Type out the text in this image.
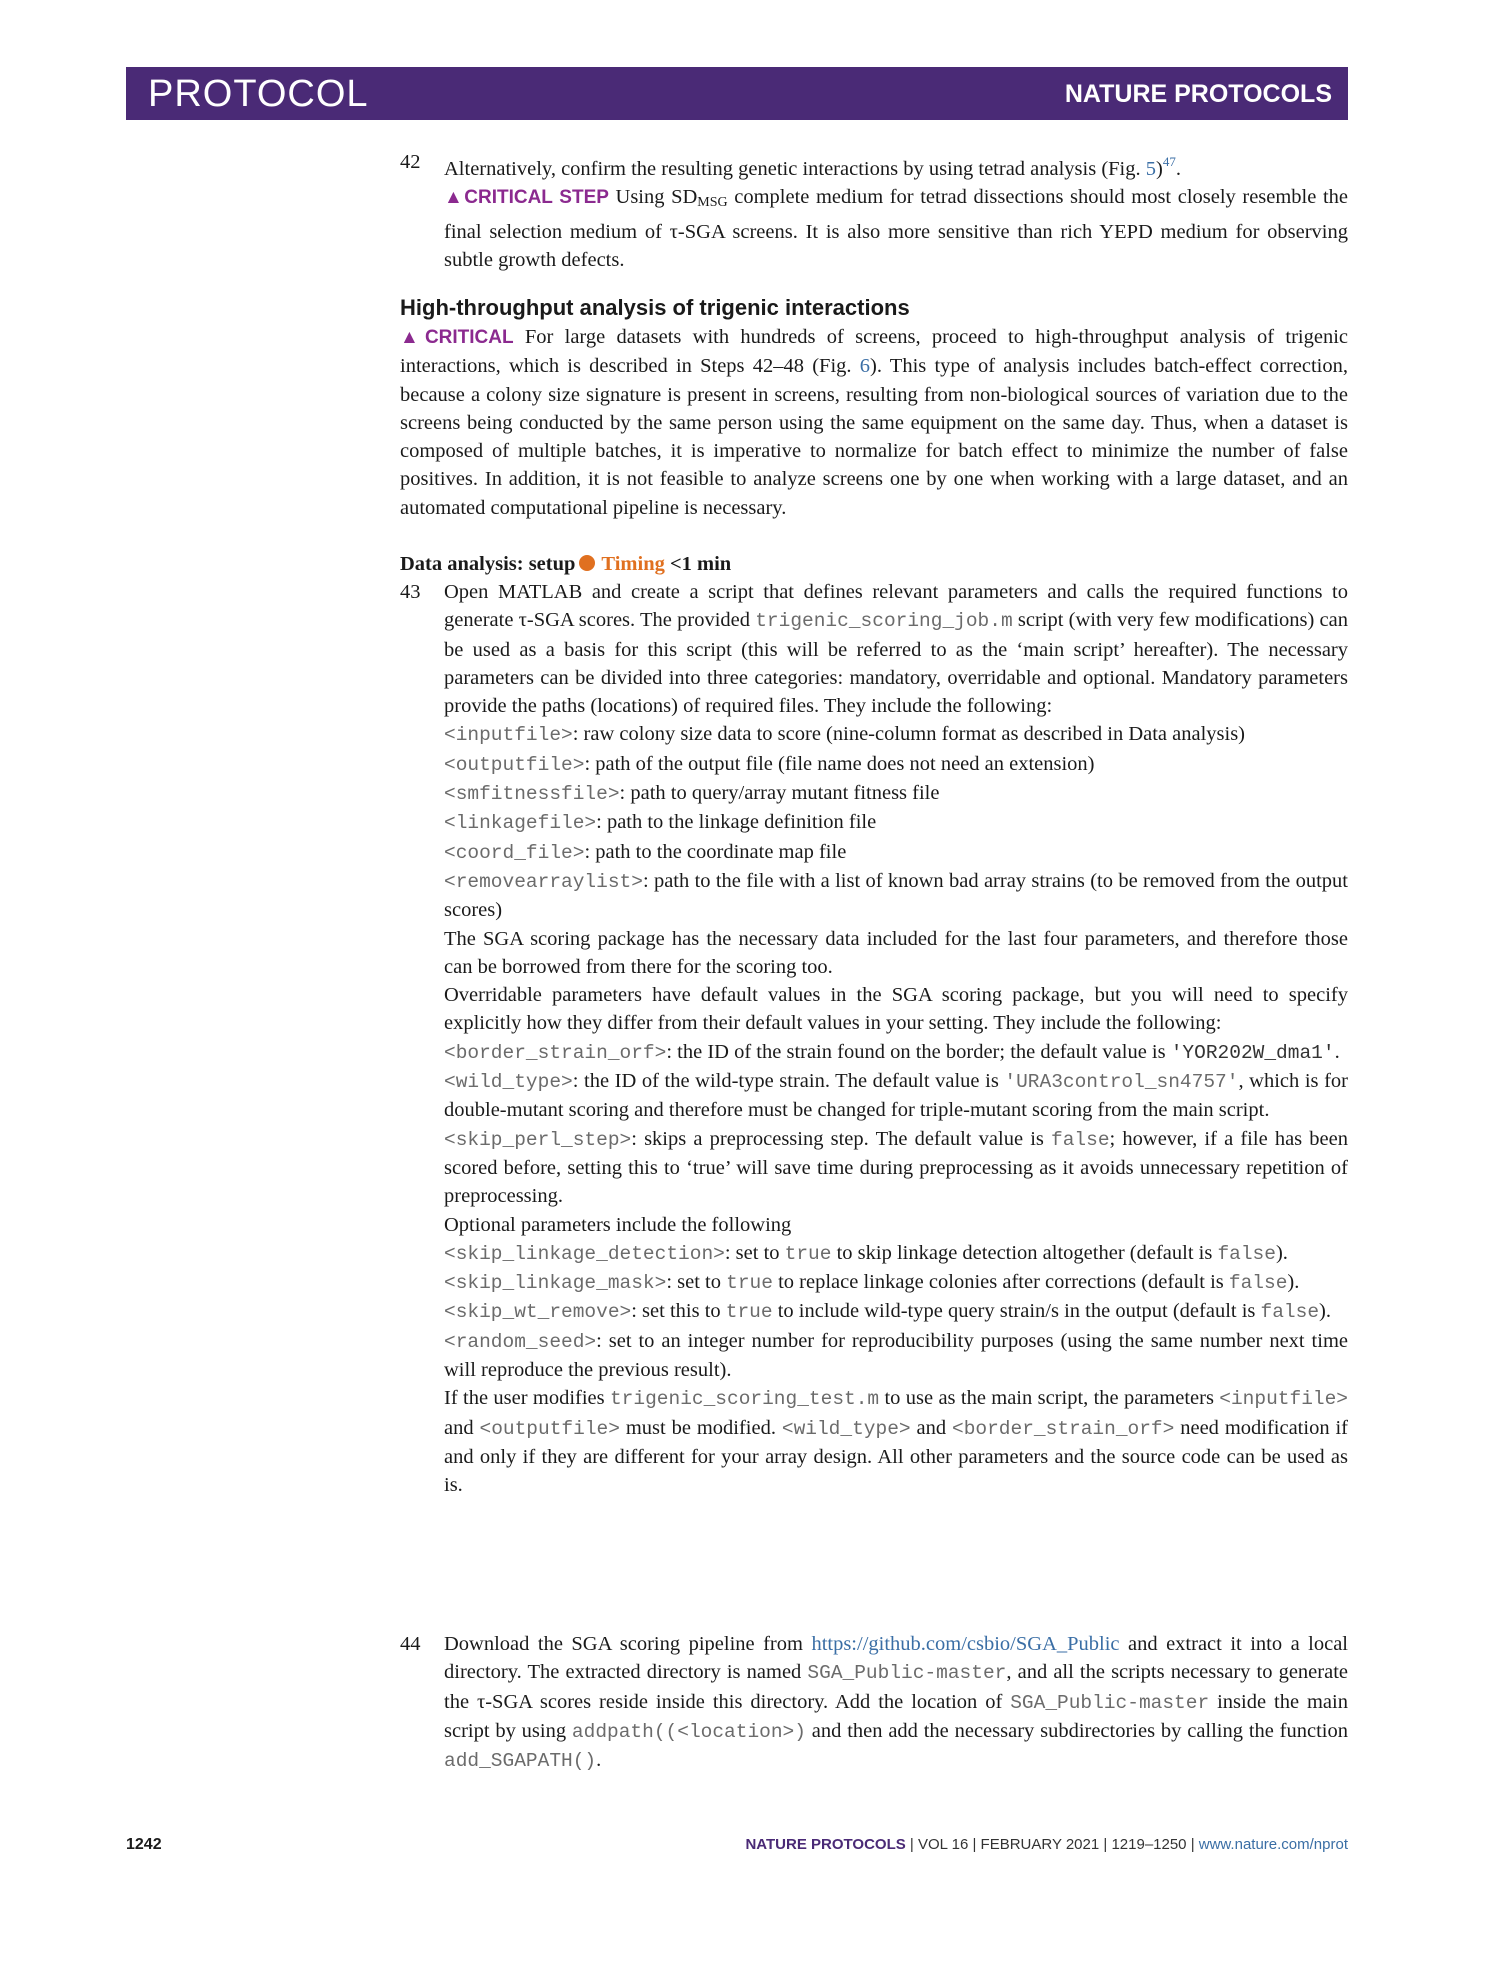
PROTOCOL	NATURE PROTOCOLS
42 Alternatively, confirm the resulting genetic interactions by using tetrad analysis (Fig. 5)$^{47}$.
▲CRITICAL STEP Using $SD_{MSG}$ complete medium for tetrad dissections should most closely resemble the final selection medium of τ-SGA screens. It is also more sensitive than rich YEPD medium for observing subtle growth defects.
High-throughput analysis of trigenic interactions

▲CRITICAL For large datasets with hundreds of screens, proceed to high-throughput analysis of trigenic interactions, which is described in Steps 42–48 (Fig. 6). This type of analysis includes batch-effect correction, because a colony size signature is present in screens, resulting from non-biological sources of variation due to the screens being conducted by the same person using the same equipment on the same day. Thus, when a dataset is composed of multiple batches, it is imperative to normalize for batch effect to minimize the number of false positives. In addition, it is not feasible to analyze screens one by one when working with a large dataset, and an automated computational pipeline is necessary.

Data analysis: setup Timing <1 min

43 Open MATLAB and create a script that defines relevant parameters and calls the required functions to generate τ-SGA scores. The provided trigenic_scoring_job.m script (with very few modifications) can be used as a basis for this script (this will be referred to as the ‘main script’ hereafter). The necessary parameters can be divided into three categories: mandatory, overridable and optional. Mandatory parameters provide the paths (locations) of required files. They include the following:
<inputfile>: raw colony size data to score (nine-column format as described in Data analysis)
<outputfile>: path of the output file (file name does not need an extension)
<smfitnessfile>: path to query/array mutant fitness file
<linkagefile>: path to the linkage definition file
<coord_file>: path to the coordinate map file
<removearraylist>: path to the file with a list of known bad array strains (to be removed from the output scores)
The SGA scoring package has the necessary data included for the last four parameters, and therefore those can be borrowed from there for the scoring too.
Overridable parameters have default values in the SGA scoring package, but you will need to specify explicitly how they differ from their default values in your setting. They include the following:
<border_strain_orf>: the ID of the strain found on the border; the default value is 'YOR202W_dma1'.
<wild_type>: the ID of the wild-type strain. The default value is 'URA3control_sn4757', which is for double-mutant scoring and therefore must be changed for triple-mutant scoring from the main script.
<skip_perl_step>: skips a preprocessing step. The default value is false; however, if a file has been scored before, setting this to ‘true’ will save time during preprocessing as it avoids unnecessary repetition of preprocessing.
Optional parameters include the following
<skip_linkage_detection>: set to true to skip linkage detection altogether (default is false).
<skip_linkage_mask>: set to true to replace linkage colonies after corrections (default is false).
<skip_wt_remove>: set this to true to include wild-type query strain/s in the output (default is false).
<random_seed>: set to an integer number for reproducibility purposes (using the same number next time will reproduce the previous result).
If the user modifies trigenic_scoring_test.m to use as the main script, the parameters <inputfile> and <outputfile> must be modified. <wild_type> and <border_strain_orf> need modification if and only if they are different for your array design. All other parameters and the source code can be used as is.
44 Download the SGA scoring pipeline from https://github.com/csbio/SGA_Public and extract it into a local directory. The extracted directory is named SGA_Public-master, and all the scripts necessary to generate the τ-SGA scores reside inside this directory. Add the location of SGA_Public-master inside the main script by using addpath((<location>) and then add the necessary subdirectories by calling the function add_SGAPATH().
1242	NATURE PROTOCOLS | VOL 16 | FEBRUARY 2021 | 1219–1250 | www.nature.com/nprot
